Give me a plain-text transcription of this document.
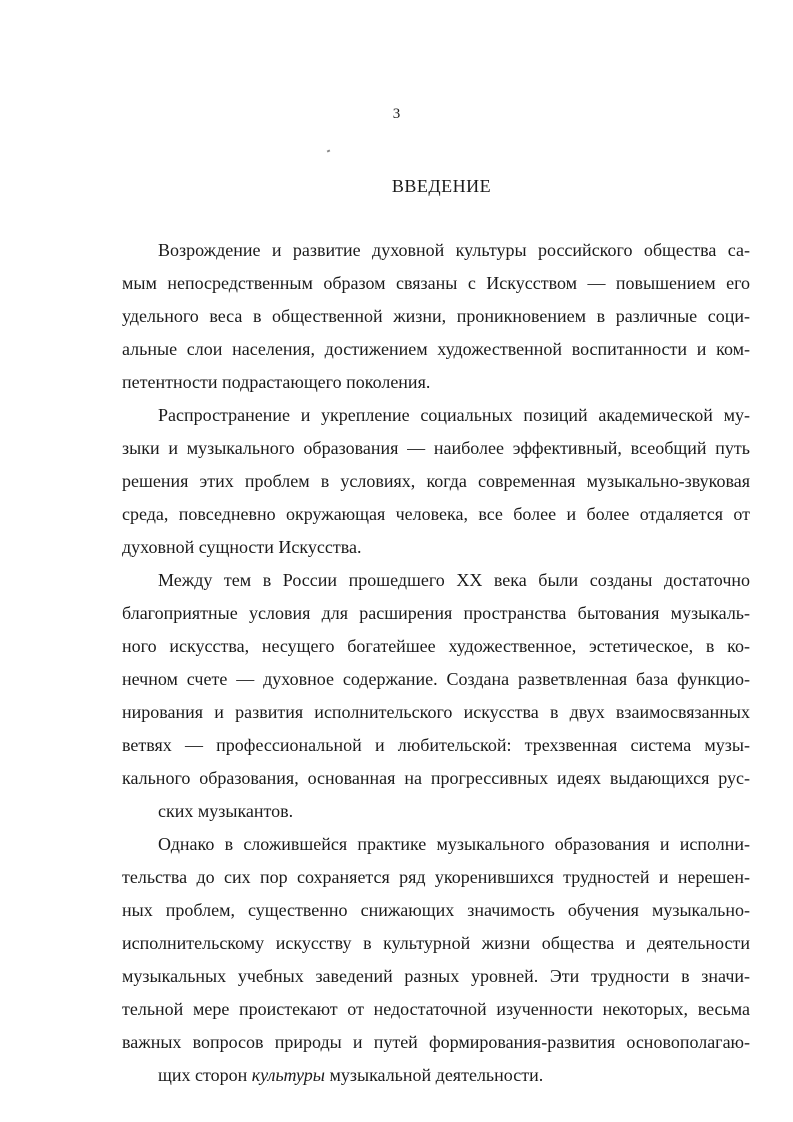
3
ВВЕДЕНИЕ
Возрождение и развитие духовной культуры российского общества са-
мым непосредственным образом связаны с Искусством — повышением его
удельного веса в общественной жизни, проникновением в различные соци-
альные слои населения, достижением художественной воспитанности и ком-
петентности подрастающего поколения.
Распространение и укрепление социальных позиций академической му-
зыки и музыкального образования — наиболее эффективный, всеобщий путь
решения этих проблем в условиях, когда современная музыкально-звуковая
среда, повседневно окружающая человека, все более и более отдаляется от
духовной сущности Искусства.
Между тем в России прошедшего XX века были созданы достаточно
благоприятные условия для расширения пространства бытования музыкаль-
ного искусства, несущего богатейшее художественное, эстетическое, в ко-
нечном счете — духовное содержание. Создана разветвленная база функцио-
нирования и развития исполнительского искусства в двух взаимосвязанных
ветвях — профессиональной и любительской: трехзвенная система музы-
кального образования, основанная на прогрессивных идеях выдающихся рус-
ских музыкантов.
Однако в сложившейся практике музыкального образования и исполни-
тельства до сих пор сохраняется ряд укоренившихся трудностей и нерешен-
ных проблем, существенно снижающих значимость обучения музыкально-
исполнительскому искусству в культурной жизни общества и деятельности
музыкальных учебных заведений разных уровней. Эти трудности в значи-
тельной мере проистекают от недостаточной изученности некоторых, весьма
важных вопросов природы и путей формирования-развития основополагаю-
щих сторон культуры музыкальной деятельности.
